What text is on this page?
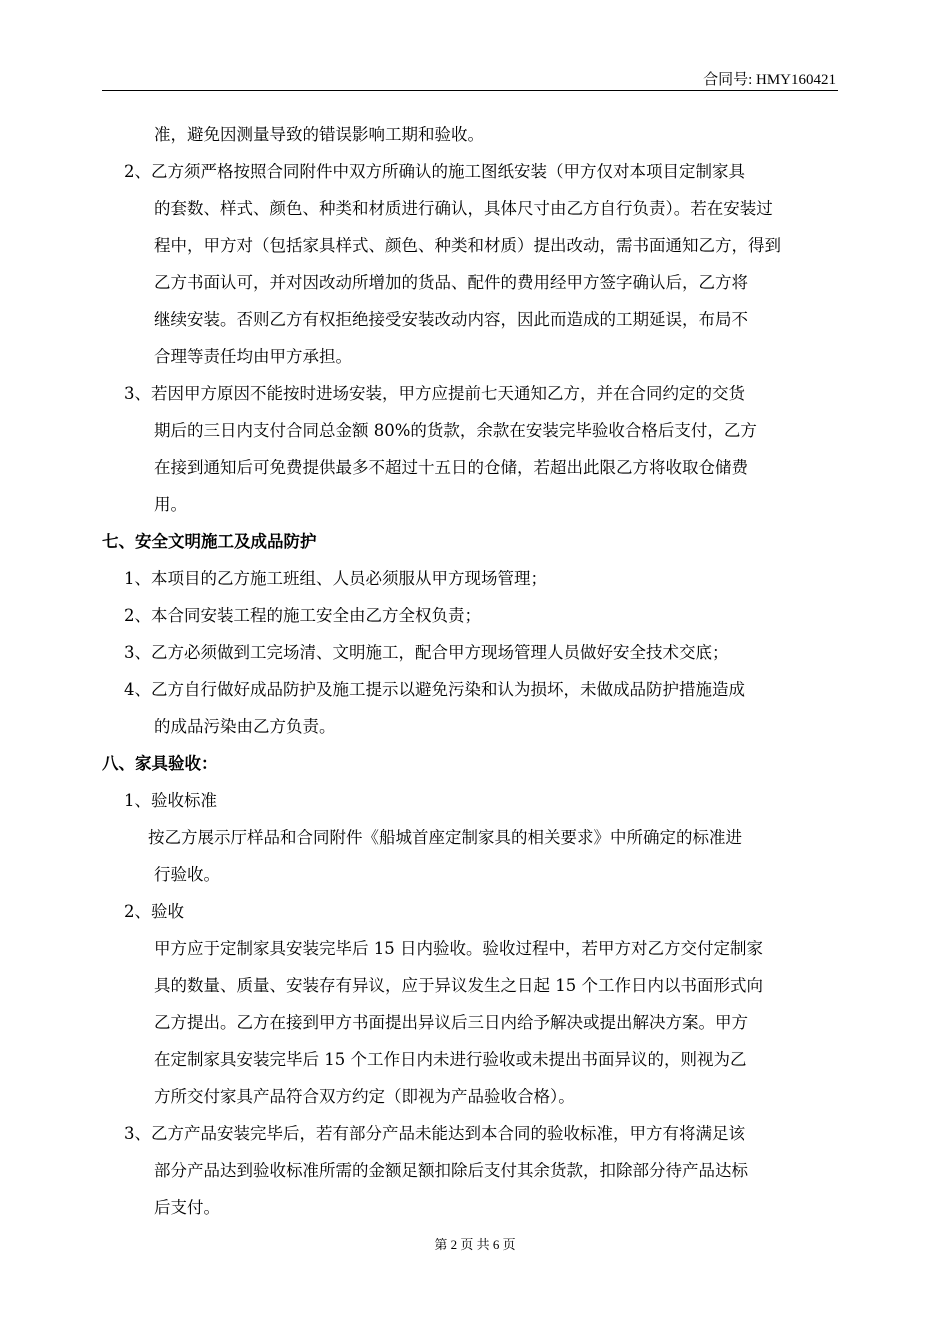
合同号: HMY160421
准，避免因测量导致的错误影响工期和验收。
2、乙方须严格按照合同附件中双方所确认的施工图纸安装（甲方仅对本项目定制家具
的套数、样式、颜色、种类和材质进行确认，具体尺寸由乙方自行负责）。若在安装过
程中，甲方对（包括家具样式、颜色、种类和材质）提出改动，需书面通知乙方，得到
乙方书面认可，并对因改动所增加的货品、配件的费用经甲方签字确认后，乙方将
继续安装。否则乙方有权拒绝接受安装改动内容，因此而造成的工期延误，布局不
合理等责任均由甲方承担。
3、若因甲方原因不能按时进场安装，甲方应提前七天通知乙方，并在合同约定的交货
期后的三日内支付合同总金额 80%的货款，余款在安装完毕验收合格后支付，乙方
在接到通知后可免费提供最多不超过十五日的仓储，若超出此限乙方将收取仓储费
用。
七、安全文明施工及成品防护
1、本项目的乙方施工班组、人员必须服从甲方现场管理；
2、本合同安装工程的施工安全由乙方全权负责；
3、乙方必须做到工完场清、文明施工，配合甲方现场管理人员做好安全技术交底；
4、乙方自行做好成品防护及施工提示以避免污染和认为损坏，未做成品防护措施造成
的成品污染由乙方负责。
八、家具验收：
1、验收标准
按乙方展示厅样品和合同附件《船城首座定制家具的相关要求》中所确定的标准进
行验收。
2、验收
甲方应于定制家具安装完毕后 15 日内验收。验收过程中，若甲方对乙方交付定制家
具的数量、质量、安装存有异议，应于异议发生之日起 15 个工作日内以书面形式向
乙方提出。乙方在接到甲方书面提出异议后三日内给予解决或提出解决方案。甲方
在定制家具安装完毕后 15 个工作日内未进行验收或未提出书面异议的，则视为乙
方所交付家具产品符合双方约定（即视为产品验收合格）。
3、乙方产品安装完毕后，若有部分产品未能达到本合同的验收标准，甲方有将满足该
部分产品达到验收标准所需的金额足额扣除后支付其余货款，扣除部分待产品达标
后支付。
第 2 页 共 6 页
